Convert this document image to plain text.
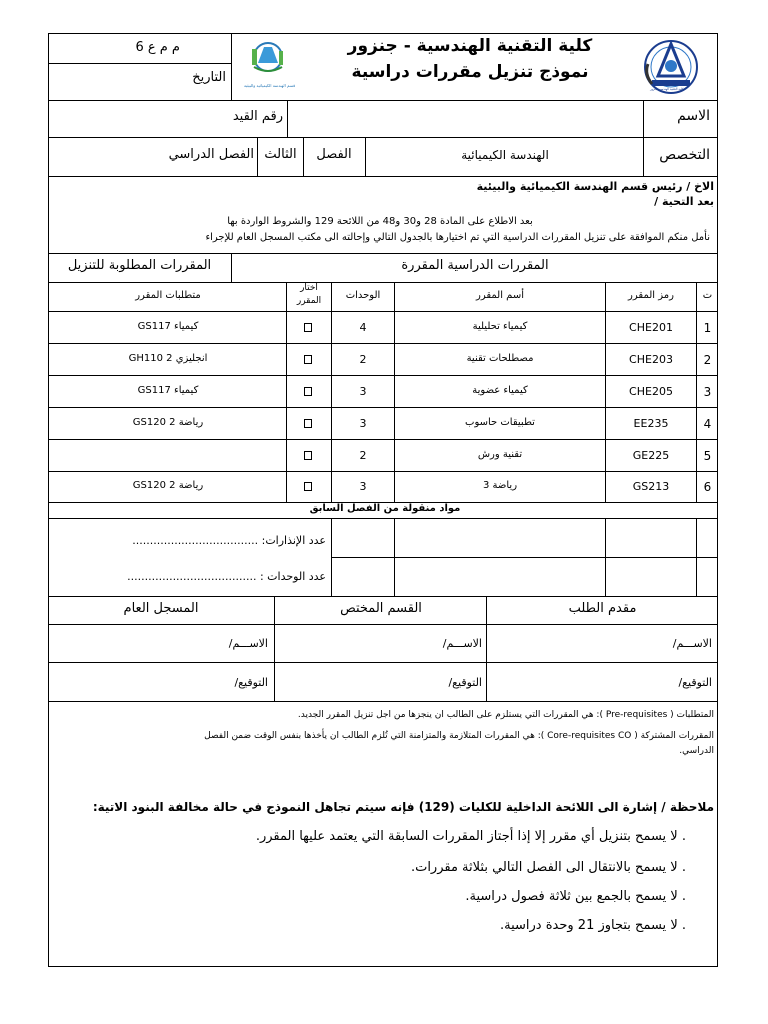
كلية التقنية الهندسية جنزور
قسم الهندسة الكيميائية والبيئية
كلية التقنية الهندسية - جنزور
نموذج تنزيل مقررات دراسية
م م ع 6
التاريخ
الاسم
رقم القيد
التخصص
الهندسة الكيميائية
الفصل
الثالث
الفصل الدراسي
الاخ / رئيس قسم الهندسة الكيميائية والبيئية
بعد التحية /
بعد الاطلاع على المادة 28 و30 و48 من اللائحة 129 والشروط الواردة بها
نأمل منكم الموافقة على تنزيل المقررات الدراسية التي تم اختيارها بالجدول التالي وإحالته الى مكتب المسجل العام للإجراء
المقررات الدراسية المقررة
المقررات المطلوبة للتنزيل
ت
رمز المقرر
أسم المقرر
الوحدات
اختار
المقرر
متطلبات المقرر
1
CHE201
كيمياء تحليلية
4
كيمياء GS117
2
CHE203
مصطلحات تقنية
2
انجليزي 2 GH110
3
CHE205
كيمياء عضوية
3
كيمياء GS117
4
EE235
تطبيقات حاسوب
3
رياضة 2 GS120
5
GE225
تقنية ورش
2
6
GS213
رياضة 3
3
رياضة 2 GS120
مواد منقولة من الفصل السابق
عدد الإنذارات: ....................................
عدد الوحدات : .....................................
مقدم الطلب
القسم المختص
المسجل العام
الاســـم/
الاســـم/
الاســـم/
التوقيع/
التوقيع/
التوقيع/
المتطلبات ( Pre-requisites ): هي المقررات التي يستلزم على الطالب ان ينجزها من اجل تنزيل المقرر الجديد.
المقررات المشتركة ( Core-requisites CO ): هي المقررات المتلازمة والمتزامنة التي تُلزم الطالب ان يأخذها بنفس الوقت ضمن الفصل
الدراسي.
ملاحظة / إشارة الى اللائحة الداخلية للكليات (129) فإنه سيتم تجاهل النموذج في حالة مخالفة البنود الاتية:
. لا يسمح بتنزيل أي مقرر إلا إذا أجتاز المقررات السابقة التي يعتمد عليها المقرر.
. لا يسمح بالانتقال الى الفصل التالي بثلاثة مقررات.
. لا يسمح بالجمع بين ثلاثة فصول دراسية.
. لا يسمح بتجاوز 21 وحدة دراسية.
